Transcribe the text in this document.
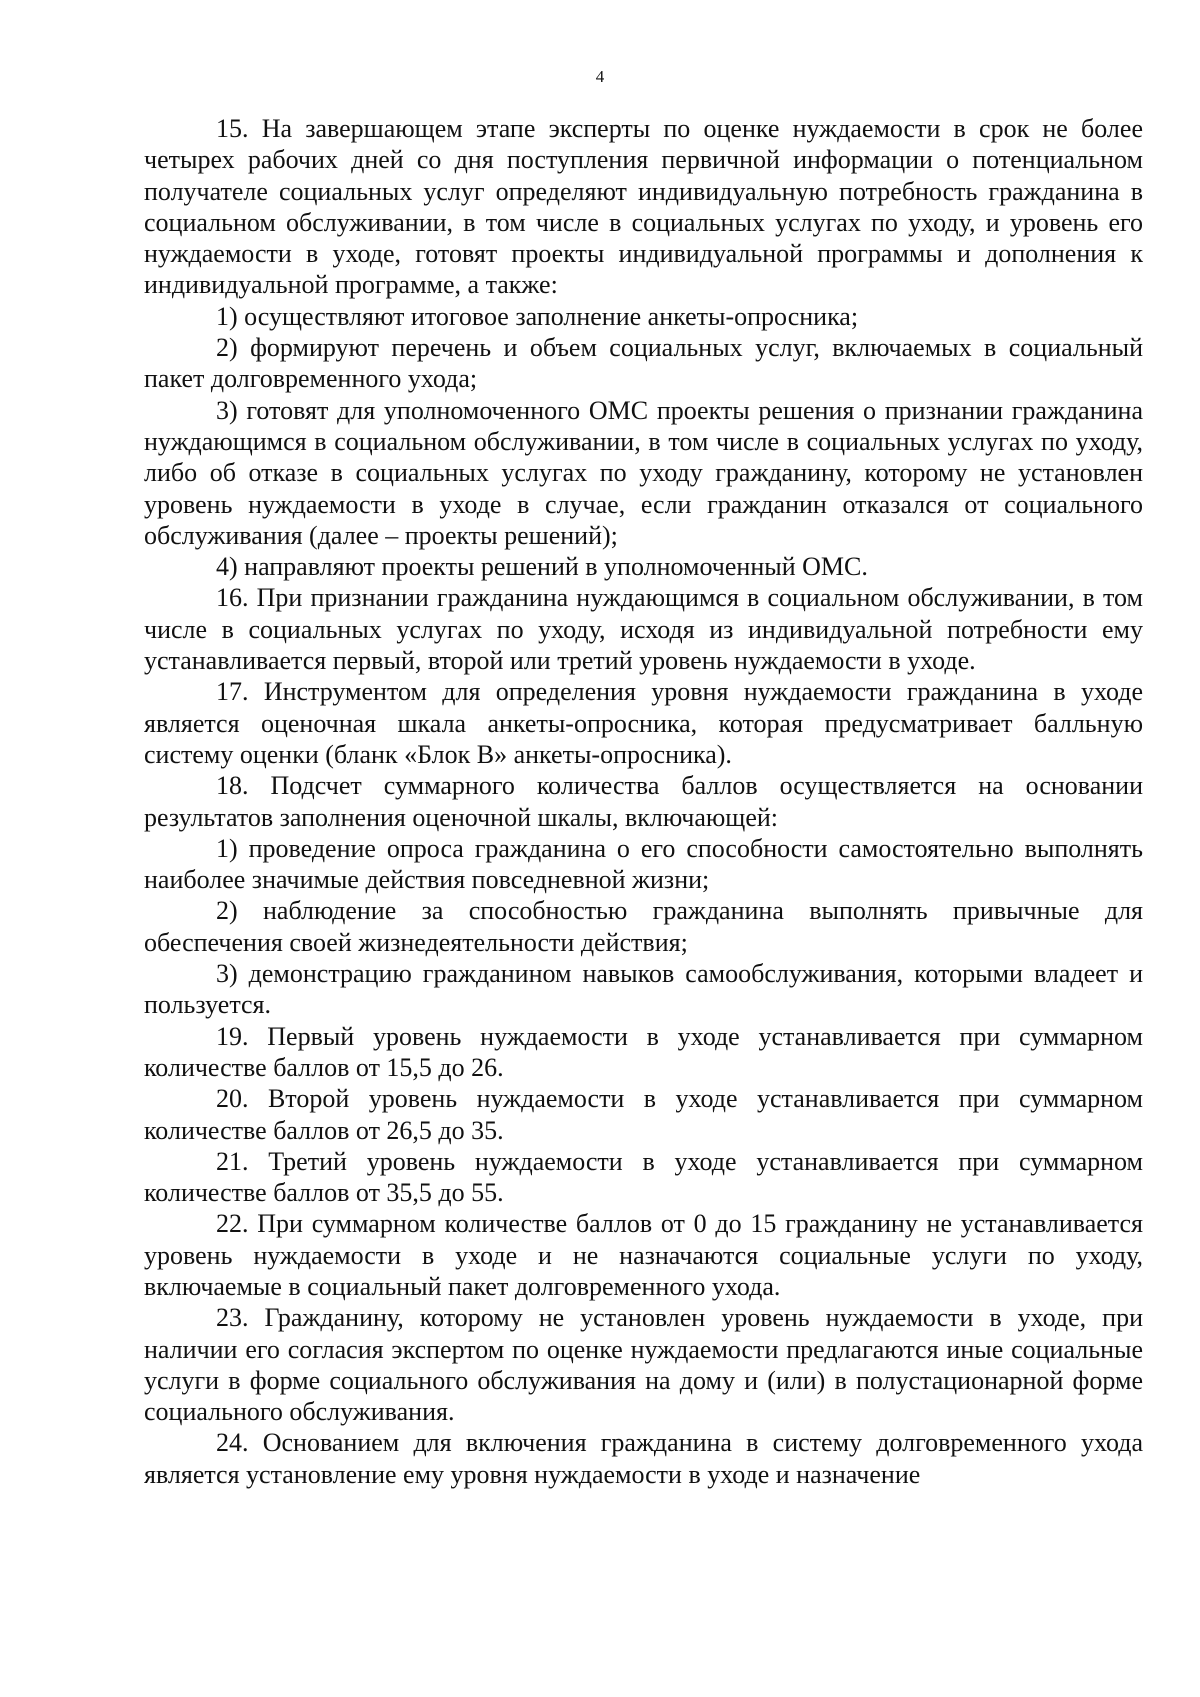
4

15. На завершающем этапе эксперты по оценке нуждаемости в срок не более четырех рабочих дней со дня поступления первичной информации о потенциальном получателе социальных услуг определяют индивидуальную потребность гражданина в социальном обслуживании, в том числе в социальных услугах по уходу, и уровень его нуждаемости в уходе, готовят проекты индивидуальной программы и дополнения к индивидуальной программе, а также:

1) осуществляют итоговое заполнение анкеты-опросника;

2) формируют перечень и объем социальных услуг, включаемых в социальный пакет долговременного ухода;

3) готовят для уполномоченного ОМС проекты решения о признании гражданина нуждающимся в социальном обслуживании, в том числе в социальных услугах по уходу, либо об отказе в социальных услугах по уходу гражданину, которому не установлен уровень нуждаемости в уходе в случае, если гражданин отказался от социального обслуживания (далее – проекты решений);

4) направляют проекты решений в уполномоченный ОМС.

16. При признании гражданина нуждающимся в социальном обслуживании, в том числе в социальных услугах по уходу, исходя из индивидуальной потребности ему устанавливается первый, второй или третий уровень нуждаемости в уходе.

17. Инструментом для определения уровня нуждаемости гражданина в уходе является оценочная шкала анкеты-опросника, которая предусматривает балльную систему оценки (бланк «Блок В» анкеты-опросника).

18. Подсчет суммарного количества баллов осуществляется на основании результатов заполнения оценочной шкалы, включающей:

1) проведение опроса гражданина о его способности самостоятельно выполнять наиболее значимые действия повседневной жизни;

2) наблюдение за способностью гражданина выполнять привычные для обеспечения своей жизнедеятельности действия;

3) демонстрацию гражданином навыков самообслуживания, которыми владеет и пользуется.

19. Первый уровень нуждаемости в уходе устанавливается при суммарном количестве баллов от 15,5 до 26.

20. Второй уровень нуждаемости в уходе устанавливается при суммарном количестве баллов от 26,5 до 35.

21. Третий уровень нуждаемости в уходе устанавливается при суммарном количестве баллов от 35,5 до 55.

22. При суммарном количестве баллов от 0 до 15 гражданину не устанавливается уровень нуждаемости в уходе и не назначаются социальные услуги по уходу, включаемые в социальный пакет долговременного ухода.

23. Гражданину, которому не установлен уровень нуждаемости в уходе, при наличии его согласия экспертом по оценке нуждаемости предлагаются иные социальные услуги в форме социального обслуживания на дому и (или) в полустационарной форме социального обслуживания.

24. Основанием для включения гражданина в систему долговременного ухода является установление ему уровня нуждаемости в уходе и назначение
